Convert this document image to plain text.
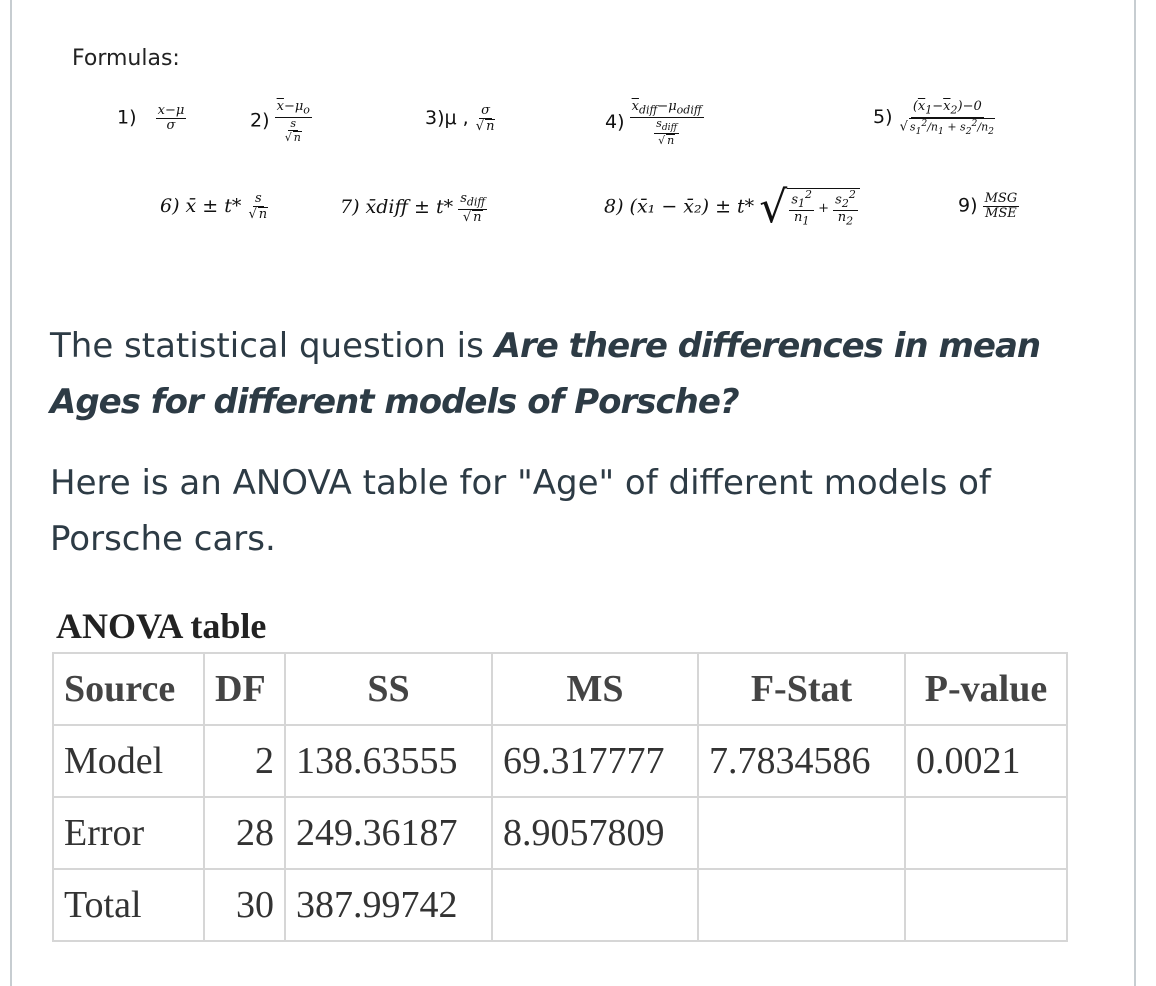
Formulas:
$1) \frac{x-\mu}{\sigma}$	$2) \frac{\overline{x}-\mu_o}{\frac{s}{√ n}}$	3)μ , $\frac{\sigma}{√ n}$	$4) \frac{\overline{x}_{diff}-\mu_{odiff}}{\frac{s_{diff}}{√ n}}$	$5) \frac{(\overline{x}_1-\overline{x}_2)-0}{√ s_1^2/n_1 + s_2^2/n_2}$
6) x̄ ± $t* \frac{s}{√ n}$	7) x̄diff ± $t* \frac{s_{diff}}{√ n}$	8) (x̄₁ − x̄₂) ± t* √ $\frac{s_1^2}{n_1} + \frac{s_2^2}{n_2}$	$9) \frac{\text{MSG}}{\text{MSE}}$
The statistical question is Are there differences in mean Ages for different models of Porsche?
Here is an ANOVA table for "Age" of different models of Porsche cars.
ANOVA table
Source	DF	SS	MS	F-Stat	P-value
Model	2	138.63555	69.317777	7.7834586	0.0021
Error	28	249.36187	8.9057809		
Total	30	387.99742			
